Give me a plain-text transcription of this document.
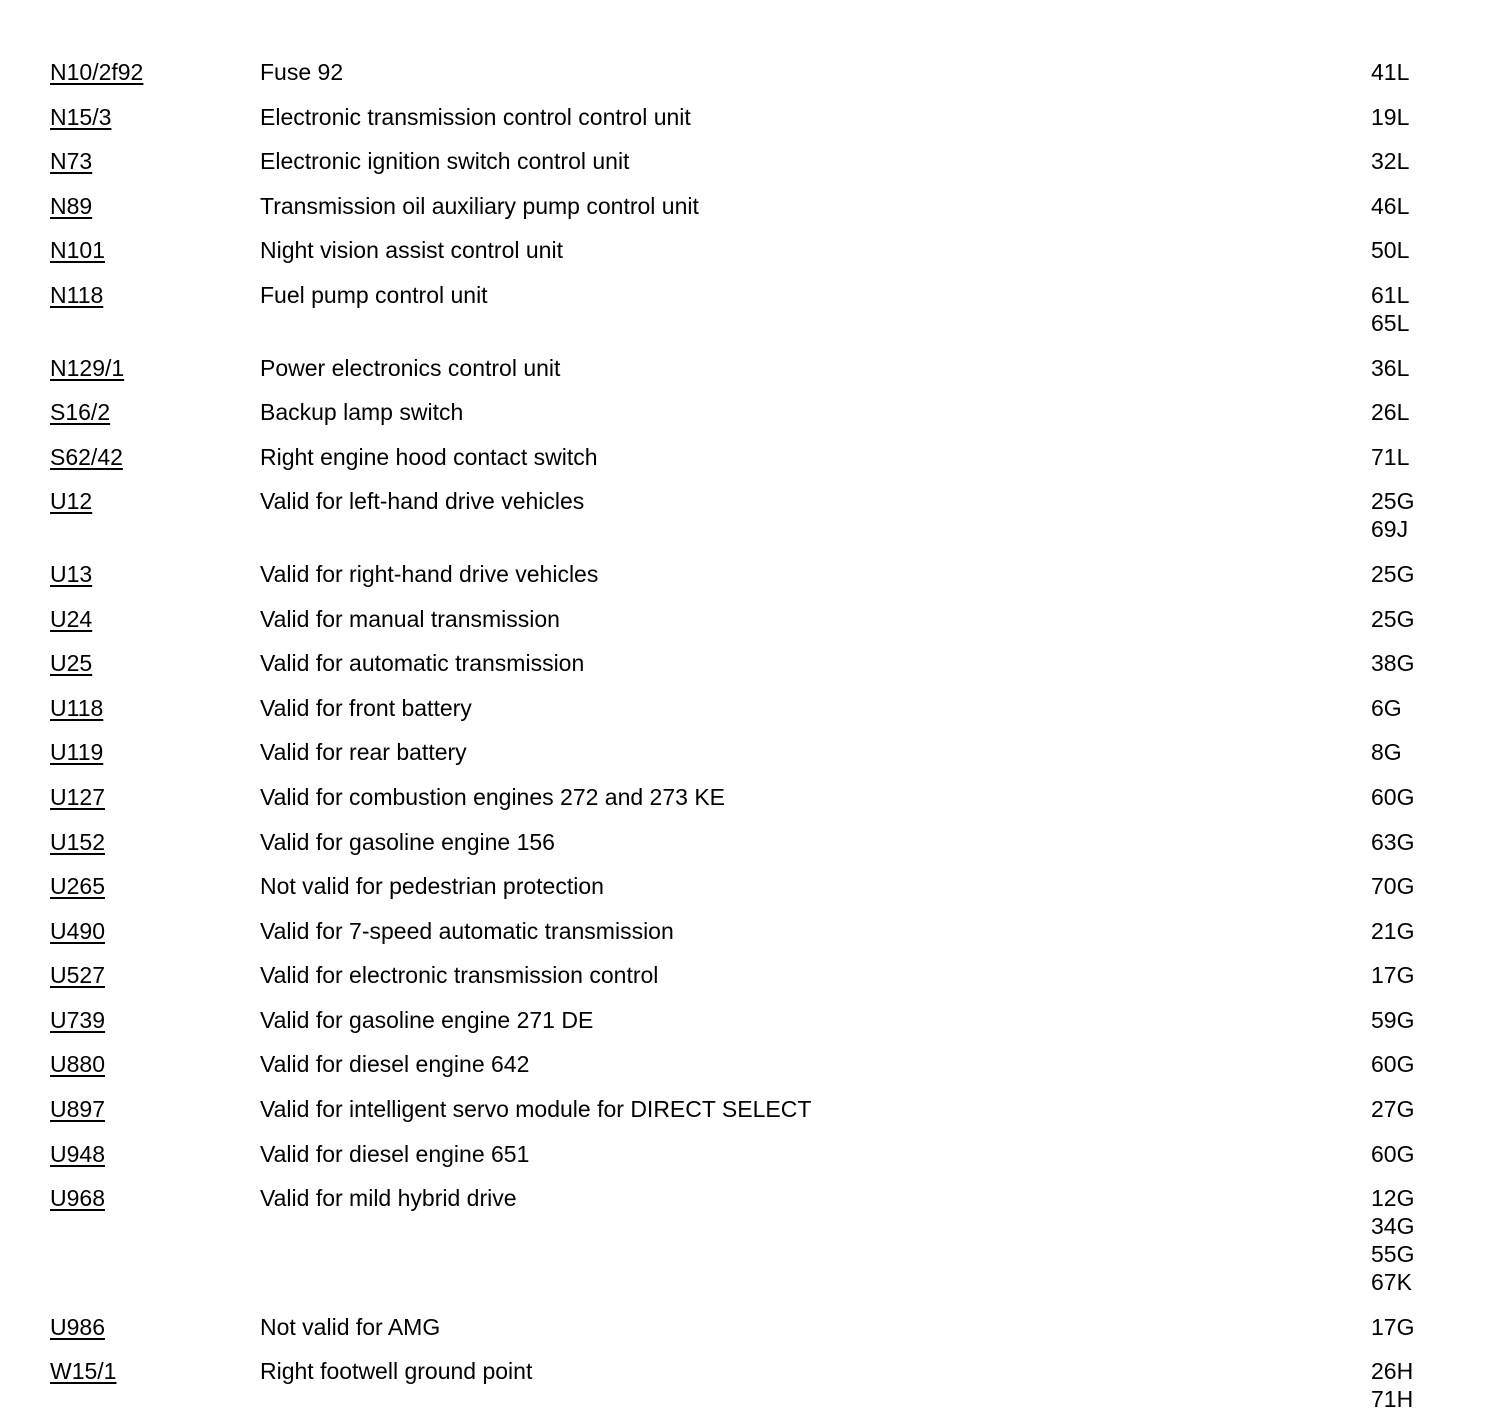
N10/2f92	Fuse 92	41L
N15/3	Electronic transmission control control unit	19L
N73	Electronic ignition switch control unit	32L
N89	Transmission oil auxiliary pump control unit	46L
N101	Night vision assist control unit	50L
N118	Fuel pump control unit	61L
65L
N129/1	Power electronics control unit	36L
S16/2	Backup lamp switch	26L
S62/42	Right engine hood contact switch	71L
U12	Valid for left-hand drive vehicles	25G
69J
U13	Valid for right-hand drive vehicles	25G
U24	Valid for manual transmission	25G
U25	Valid for automatic transmission	38G
U118	Valid for front battery	6G
U119	Valid for rear battery	8G
U127	Valid for combustion engines 272 and 273 KE	60G
U152	Valid for gasoline engine 156	63G
U265	Not valid for pedestrian protection	70G
U490	Valid for 7-speed automatic transmission	21G
U527	Valid for electronic transmission control	17G
U739	Valid for gasoline engine 271 DE	59G
U880	Valid for diesel engine 642	60G
U897	Valid for intelligent servo module for DIRECT SELECT	27G
U948	Valid for diesel engine 651	60G
U968	Valid for mild hybrid drive	12G
34G
55G
67K
U986	Not valid for AMG	17G
W15/1	Right footwell ground point	26H
71H
